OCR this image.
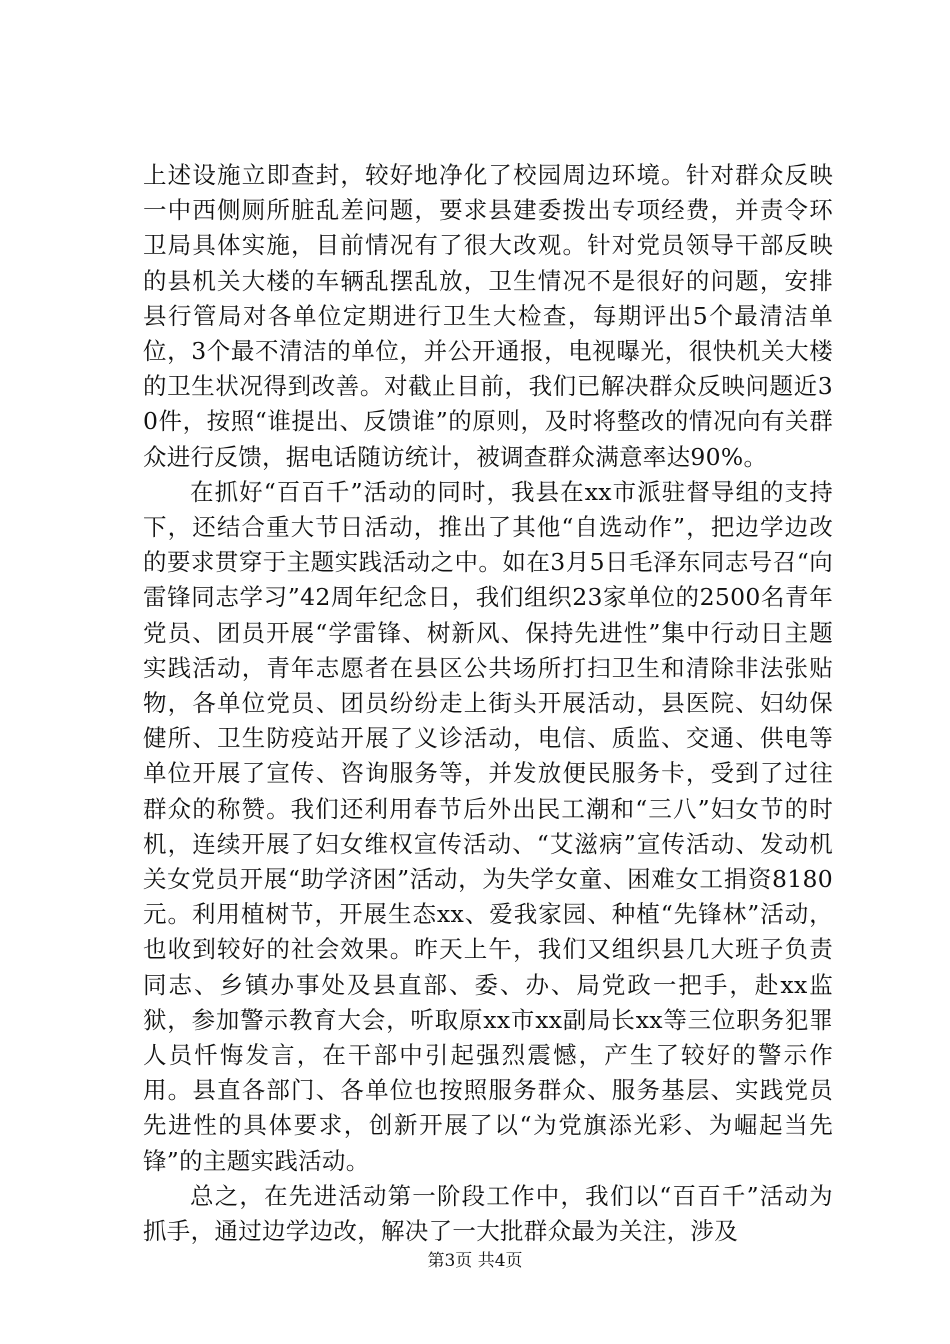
上述设施立即查封，较好地净化了校园周边环境。针对群众反映一中西侧厕所脏乱差问题，要求县建委拨出专项经费，并责令环卫局具体实施，目前情况有了很大改观。针对党员领导干部反映的县机关大楼的车辆乱摆乱放，卫生情况不是很好的问题，安排县行管局对各单位定期进行卫生大检查，每期评出5个最清洁单位，3个最不清洁的单位，并公开通报，电视曝光，很快机关大楼的卫生状况得到改善。对截止目前，我们已解决群众反映问题近30件，按照“谁提出、反馈谁”的原则，及时将整改的情况向有关群众进行反馈，据电话随访统计，被调查群众满意率达90%。

在抓好“百百千”活动的同时，我县在xx市派驻督导组的支持下，还结合重大节日活动，推出了其他“自选动作”，把边学边改的要求贯穿于主题实践活动之中。如在3月5日毛泽东同志号召“向雷锋同志学习”42周年纪念日，我们组织23家单位的2500名青年党员、团员开展“学雷锋、树新风、保持先进性”集中行动日主题实践活动，青年志愿者在县区公共场所打扫卫生和清除非法张贴物，各单位党员、团员纷纷走上街头开展活动，县医院、妇幼保健所、卫生防疫站开展了义诊活动，电信、质监、交通、供电等单位开展了宣传、咨询服务等，并发放便民服务卡，受到了过往群众的称赞。我们还利用春节后外出民工潮和“三八”妇女节的时机，连续开展了妇女维权宣传活动、“艾滋病”宣传活动、发动机关女党员开展“助学济困”活动，为失学女童、困难女工捐资8180元。利用植树节，开展生态xx、爱我家园、种植“先锋林”活动，也收到较好的社会效果。昨天上午，我们又组织县几大班子负责同志、乡镇办事处及县直部、委、办、局党政一把手，赴xx监狱，参加警示教育大会，听取原xx市xx副局长xx等三位职务犯罪人员忏悔发言，在干部中引起强烈震憾，产生了较好的警示作用。县直各部门、各单位也按照服务群众、服务基层、实践党员先进性的具体要求，创新开展了以“为党旗添光彩、为崛起当先锋”的主题实践活动。

总之，在先进活动第一阶段工作中，我们以“百百千”活动为抓手，通过边学边改，解决了一大批群众最为关注，涉及

第3页 共4页
